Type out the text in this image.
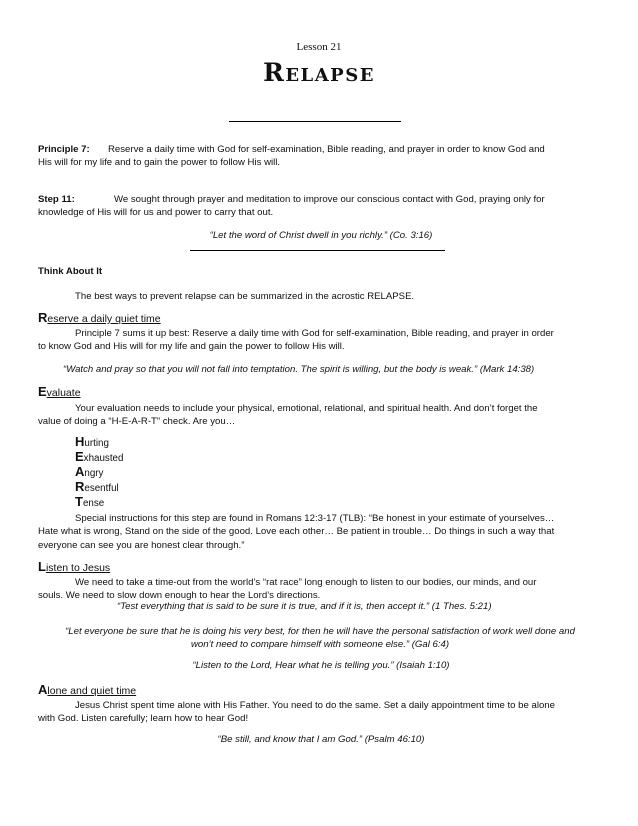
Lesson 21
Relapse
Principle 7: Reserve a daily time with God for self-examination, Bible reading, and prayer in order to know God and
His will for my life and to gain the power to follow His will.
Step 11:	We sought through prayer and meditation to improve our conscious contact with God, praying only for
knowledge of His will for us and power to carry that out.
“Let the word of Christ dwell in you richly.” (Co. 3:16)
Think About It
The best ways to prevent relapse can be summarized in the acrostic RELAPSE.
Reserve a daily quiet time
Principle 7 sums it up best: Reserve a daily time with God for self-examination, Bible reading, and prayer in order
to know God and His will for my life and gain the power to follow His will.
“Watch and pray so that you will not fall into temptation. The spirit is willing, but the body is weak.” (Mark 14:38)
Evaluate
Your evaluation needs to include your physical, emotional, relational, and spiritual health. And don’t forget the
value of doing a “H-E-A-R-T” check. Are you…
Hurting
Exhausted
Angry
Resentful
Tense
Special instructions for this step are found in Romans 12:3-17 (TLB): “Be honest in your estimate of yourselves…
Hate what is wrong, Stand on the side of the good. Love each other… Be patient in trouble… Do things in such a way that
everyone can see you are honest clear through.”
Listen to Jesus
We need to take a time-out from the world’s “rat race” long enough to listen to our bodies, our minds, and our
souls. We need to slow down enough to hear the Lord’s directions.
“Test everything that is said to be sure it is true, and if it is, then accept it.” (1 Thes. 5:21)
“Let everyone be sure that he is doing his very best, for then he will have the personal satisfaction of work well done and
won’t need to compare himself with someone else.” (Gal 6:4)
“Listen to the Lord, Hear what he is telling you.” (Isaiah 1:10)
Alone and quiet time
Jesus Christ spent time alone with His Father. You need to do the same. Set a daily appointment time to be alone
with God. Listen carefully; learn how to hear God!
“Be still, and know that I am God.” (Psalm 46:10)
